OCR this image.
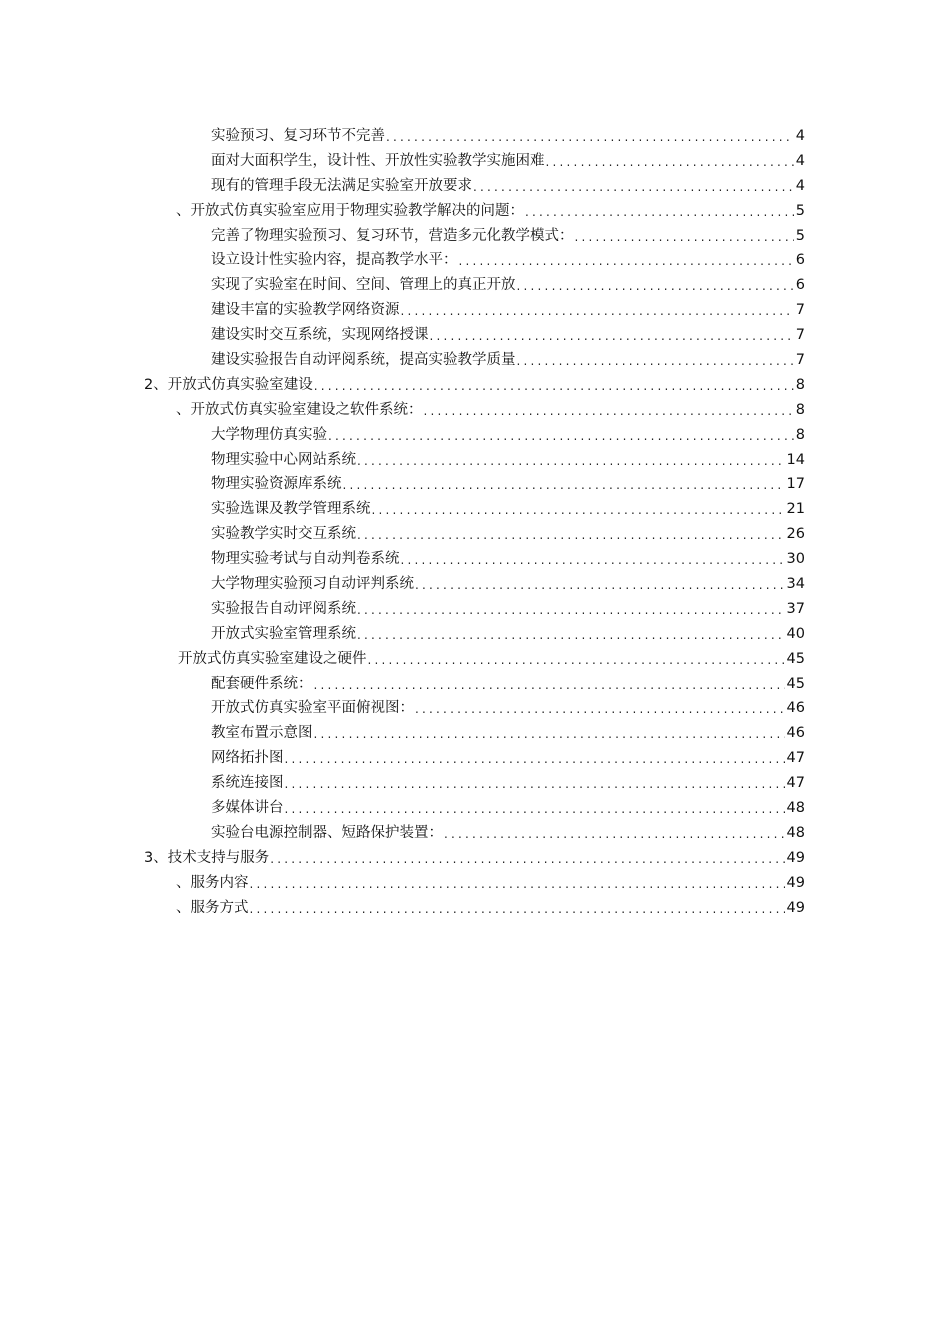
实验预习、复习环节不完善 .....	4
面对大面积学生，设计性、开放性实验教学实施困难 .....	4
现有的管理手段无法满足实验室开放要求 .....	4
、开放式仿真实验室应用于物理实验教学解决的问题： .....	5
完善了物理实验预习、复习环节，营造多元化教学模式： .....	5
设立设计性实验内容，提高教学水平： .....	6
实现了实验室在时间、空间、管理上的真正开放 .....	6
建设丰富的实验教学网络资源 .....	7
建设实时交互系统，实现网络授课 .....	7
建设实验报告自动评阅系统，提高实验教学质量 .....	7
2、开放式仿真实验室建设 .....	8
、开放式仿真实验室建设之软件系统： .....	8
大学物理仿真实验 .....	8
物理实验中心网站系统 .....	14
物理实验资源库系统 .....	17
实验选课及教学管理系统 .....	21
实验教学实时交互系统 .....	26
物理实验考试与自动判卷系统 .....	30
大学物理实验预习自动评判系统 .....	34
实验报告自动评阅系统 .....	37
开放式实验室管理系统 .....	40
开放式仿真实验室建设之硬件 .....	45
配套硬件系统： .....	45
开放式仿真实验室平面俯视图： .....	46
教室布置示意图 .....	46
网络拓扑图 .....	47
系统连接图 .....	47
多媒体讲台 .....	48
实验台电源控制器、短路保护装置： .....	48
3、技术支持与服务 .....	49
、服务内容 .....	49
、服务方式 .....	49
